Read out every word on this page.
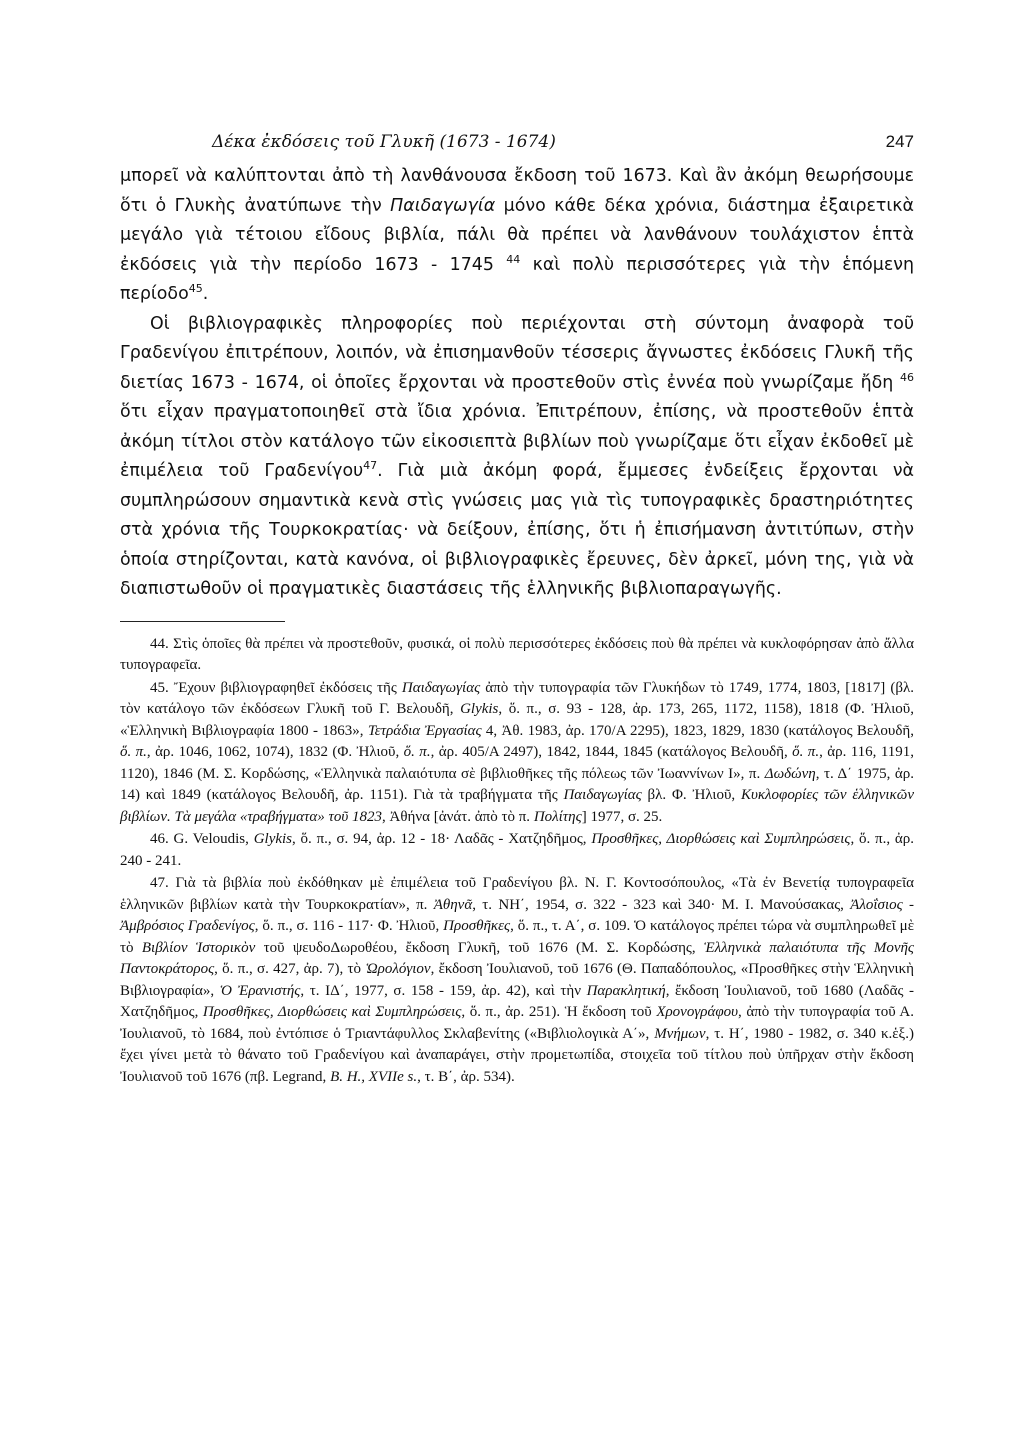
Δέκα ἐκδόσεις τοῦ Γλυκῆ (1673 - 1674)	247

μπορεῖ νὰ καλύπτονται ἀπὸ τὴ λανθάνουσα ἔκδοση τοῦ 1673. Καὶ ἂν ἀκόμη θεωρήσουμε ὅτι ὁ Γλυκὴς ἀνατύπωνε τὴν Παιδαγωγία μόνο κάθε δέκα χρόνια, διάστημα ἐξαιρετικὰ μεγάλο γιὰ τέτοιου εἴδους βιβλία, πάλι θὰ πρέπει νὰ λανθάνουν τουλάχιστον ἑπτὰ ἐκδόσεις γιὰ τὴν περίοδο 1673 - 1745 $^{44}$ καὶ πολὺ περισσότερες γιὰ τὴν ἑπόμενη περίοδο$^{45}$.

Οἱ βιβλιογραφικὲς πληροφορίες ποὺ περιέχονται στὴ σύντομη ἀναφορὰ τοῦ Γραδενίγου ἐπιτρέπουν, λοιπόν, νὰ ἐπισημανθοῦν τέσσερις ἄγνωστες ἐκδόσεις Γλυκῆ τῆς διετίας 1673 - 1674, οἱ ὁποῖες ἔρχονται νὰ προστεθοῦν στὶς ἐννέα ποὺ γνωρίζαμε ἤδη $^{46}$ ὅτι εἶχαν πραγματοποιηθεῖ στὰ ἴδια χρόνια. Ἐπιτρέπουν, ἐπίσης, νὰ προστεθοῦν ἑπτὰ ἀκόμη τίτλοι στὸν κατάλογο τῶν εἰκοσιεπτὰ βιβλίων ποὺ γνωρίζαμε ὅτι εἶχαν ἐκδοθεῖ μὲ ἐπιμέλεια τοῦ Γραδενίγου$^{47}$. Γιὰ μιὰ ἀκόμη φορά, ἔμμεσες ἐνδείξεις ἔρχονται νὰ συμπληρώσουν σημαντικὰ κενὰ στὶς γνώσεις μας γιὰ τὶς τυπογραφικὲς δραστηριότητες στὰ χρόνια τῆς Τουρκοκρατίας· νὰ δείξουν, ἐπίσης, ὅτι ἡ ἐπισήμανση ἀντιτύπων, στὴν ὁποία στηρίζονται, κατὰ κανόνα, οἱ βιβλιογραφικὲς ἔρευνες, δὲν ἀρκεῖ, μόνη της, γιὰ νὰ διαπιστωθοῦν οἱ πραγματικὲς διαστάσεις τῆς ἑλληνικῆς βιβλιοπαραγωγῆς.

44. Στὶς ὁποῖες θὰ πρέπει νὰ προστεθοῦν, φυσικά, οἱ πολὺ περισσότερες ἐκδόσεις ποὺ θὰ πρέπει νὰ κυκλοφόρησαν ἀπὸ ἄλλα τυπογραφεῖα.

45. Ἔχουν βιβλιογραφηθεῖ ἐκδόσεις τῆς Παιδαγωγίας ἀπὸ τὴν τυπογραφία τῶν Γλυκήδων τὸ 1749, 1774, 1803, [1817] (βλ. τὸν κατάλογο τῶν ἐκδόσεων Γλυκῆ τοῦ Γ. Βελουδῆ, Glykis, ὅ. π., σ. 93 - 128, ἀρ. 173, 265, 1172, 1158), 1818 (Φ. Ἠλιοῦ, «Ἑλληνικὴ Βιβλιογραφία 1800 - 1863», Τετράδια Ἐργασίας 4, Ἀθ. 1983, ἀρ. 170/Α 2295), 1823, 1829, 1830 (κατάλογος Βελουδῆ, ὅ. π., ἀρ. 1046, 1062, 1074), 1832 (Φ. Ἠλιοῦ, ὅ. π., ἀρ. 405/Α 2497), 1842, 1844, 1845 (κατάλογος Βελουδῆ, ὅ. π., ἀρ. 116, 1191, 1120), 1846 (Μ. Σ. Κορδώσης, «Ἑλληνικὰ παλαιότυπα σὲ βιβλιοθῆκες τῆς πόλεως τῶν Ἰωαννίνων Ι», π. Δωδώνη, τ. Δ΄ 1975, ἀρ. 14) καὶ 1849 (κατάλογος Βελουδῆ, ἀρ. 1151). Γιὰ τὰ τραβήγματα τῆς Παιδαγωγίας βλ. Φ. Ἠλιοῦ, Κυκλοφορίες τῶν ἑλληνικῶν βιβλίων. Τὰ μεγάλα «τραβήγματα» τοῦ 1823, Ἀθήνα [ἀνάτ. ἀπὸ τὸ π. Πολίτης] 1977, σ. 25.

46. G. Veloudis, Glykis, ὅ. π., σ. 94, ἀρ. 12 - 18· Λαδᾶς - Χατζηδῆμος, Προσθῆκες, Διορθώσεις καὶ Συμπληρώσεις, ὅ. π., ἀρ. 240 - 241.

47. Γιὰ τὰ βιβλία ποὺ ἐκδόθηκαν μὲ ἐπιμέλεια τοῦ Γραδενίγου βλ. Ν. Γ. Κοντοσόπουλος, «Τὰ ἐν Βενετίᾳ τυπογραφεῖα ἑλληνικῶν βιβλίων κατὰ τὴν Τουρκοκρατίαν», π. Ἀθηνᾶ, τ. ΝΗ΄, 1954, σ. 322 - 323 καὶ 340· Μ. Ι. Μανούσακας, Ἀλοΐσιος - Ἀμβρόσιος Γραδενίγος, ὅ. π., σ. 116 - 117· Φ. Ἠλιοῦ, Προσθῆκες, ὅ. π., τ. Α΄, σ. 109. Ὁ κατάλογος πρέπει τώρα νὰ συμπληρωθεῖ μὲ τὸ Βιβλίον Ἱστορικὸν τοῦ ψευδοΔωροθέου, ἔκδοση Γλυκῆ, τοῦ 1676 (Μ. Σ. Κορδώσης, Ἑλληνικὰ παλαιότυπα τῆς Μονῆς Παντοκράτορος, ὅ. π., σ. 427, ἀρ. 7), τὸ Ὡρολόγιον, ἔκδοση Ἰουλιανοῦ, τοῦ 1676 (Θ. Παπαδόπουλος, «Προσθῆκες στὴν Ἑλληνικὴ Βιβλιογραφία», Ὁ Ἐρανιστής, τ. ΙΔ΄, 1977, σ. 158 - 159, ἀρ. 42), καὶ τὴν Παρακλητική, ἔκδοση Ἰουλιανοῦ, τοῦ 1680 (Λαδᾶς - Χατζηδῆμος, Προσθῆκες, Διορθώσεις καὶ Συμπληρώσεις, ὅ. π., ἀρ. 251). Ἡ ἔκδοση τοῦ Χρονογράφου, ἀπὸ τὴν τυπογραφία τοῦ Α. Ἰουλιανοῦ, τὸ 1684, ποὺ ἐντόπισε ὁ Τριαντάφυλλος Σκλαβενίτης («Βιβλιολογικὰ Α΄», Μνήμων, τ. Η΄, 1980 - 1982, σ. 340 κ.ἑξ.) ἔχει γίνει μετὰ τὸ θάνατο τοῦ Γραδενίγου καὶ ἀναπαράγει, στὴν προμετωπίδα, στοιχεῖα τοῦ τίτλου ποὺ ὑπῆρχαν στὴν ἔκδοση Ἰουλιανοῦ τοῦ 1676 (πβ. Legrand, B. H., XVIIe s., τ. Β΄, ἀρ. 534).
